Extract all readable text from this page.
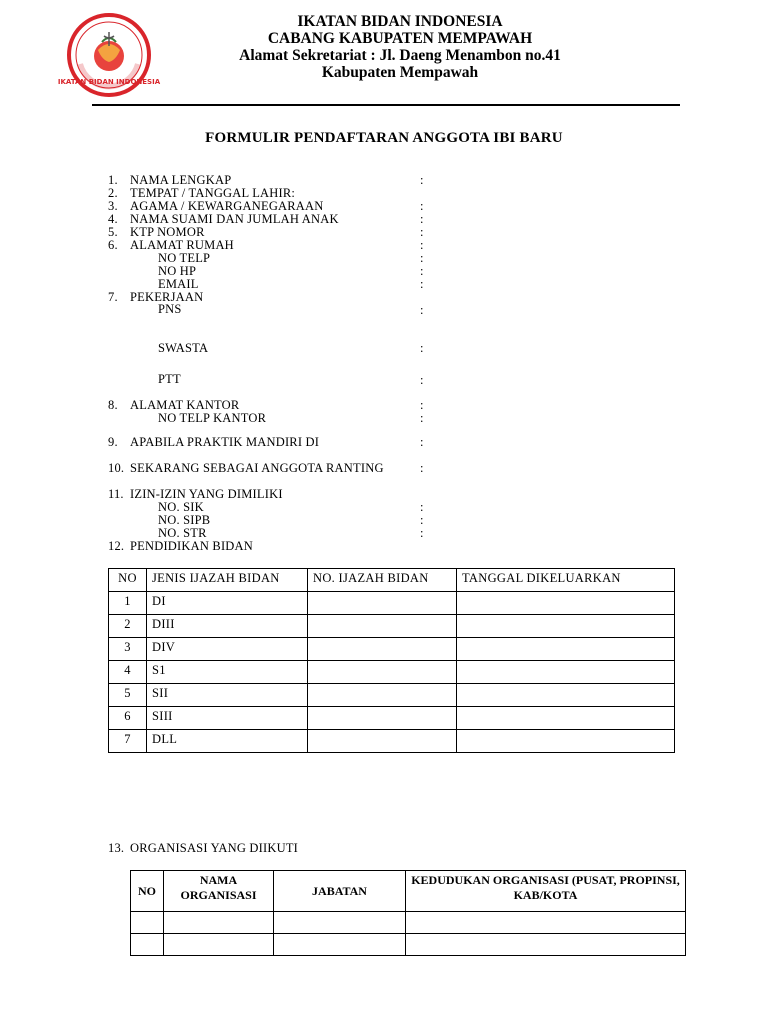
IKATAN BIDAN INDONESIA
IKATAN BIDAN INDONESIA
CABANG KABUPATEN MEMPAWAH
Alamat Sekretariat : Jl. Daeng Menambon no.41
Kabupaten Mempawah
FORMULIR PENDAFTARAN ANGGOTA IBI BARU
1. NAMA LENGKAP	:
2. TEMPAT / TANGGAL LAHIR:
3. AGAMA / KEWARGANEGARAAN	:
4. NAMA SUAMI DAN JUMLAH ANAK	:
5. KTP NOMOR	:
6. ALAMAT RUMAH	:
NO TELP	:
NO HP	:
EMAIL	:
7. PEKERJAAN
PNS	:
SWASTA	:
PTT	:
8. ALAMAT KANTOR	:
NO TELP KANTOR	:
9. APABILA PRAKTIK MANDIRI DI	:
10. SEKARANG SEBAGAI ANGGOTA RANTING	:
11. IZIN-IZIN YANG DIMILIKI
NO. SIK	:
NO. SIPB	:
NO. STR	:
12. PENDIDIKAN BIDAN
13. ORGANISASI YANG DIIKUTI
NO	JENIS IJAZAH BIDAN	NO. IJAZAH BIDAN	TANGGAL DIKELUARKAN
1	DI		
2	DIII		
3	DIV		
4	S1		
5	SII		
6	SIII		
7	DLL		
NO	NAMA ORGANISASI	JABATAN	KEDUDUKAN ORGANISASI (PUSAT, PROPINSI, KAB/KOTA
